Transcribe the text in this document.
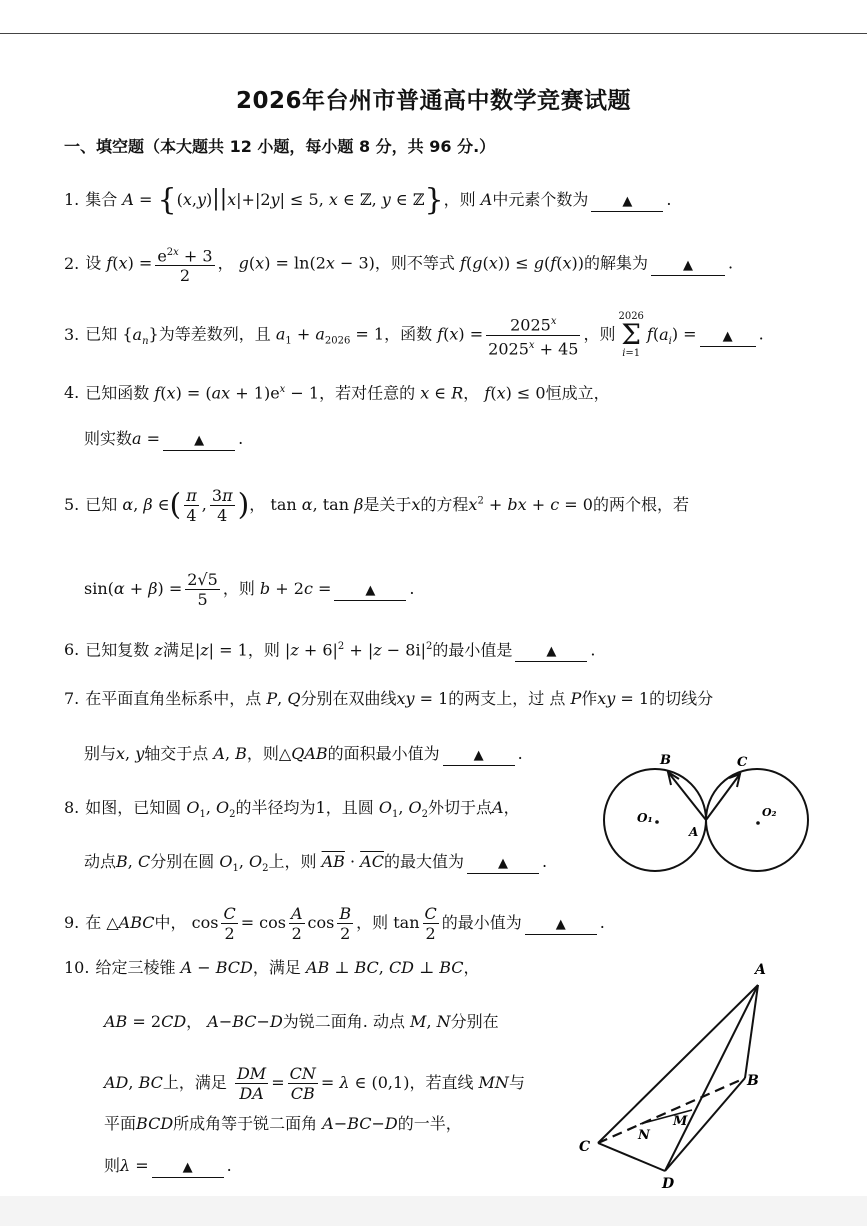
2026年台州市普通高中数学竞赛试题
一、填空题（本大题共 12 小题，每小题 8 分，共 96 分.）
1. 集合 A = {(x,y)||x|+|2y| ≤ 5, x ∈ ℤ, y ∈ ℤ}，则 A中元素个数为	▲ .
2. 设 $f(x) = \frac{e^{2x} + 3}{2}$ ， g(x) = ln(2x − 3)，则不等式 f(g(x)) ≤ g(f(x))的解集为	▲ .
3. 已知 $\{a_n\}$为等差数列，且 $a_1 + a_{2026} = 1$，函数 $f(x) = \frac{2025^x}{2025^x + 45}$ ，则
2026
Σ
i=1
$f(a_i)$ = ▲ .
4. 已知函数 $f(x) = (ax + 1)e^x - 1$，若对任意的 x ∈ R， f(x) ≤ 0恒成立，
则实数a =	▲ .
5. 已知 α, β ∈( $\frac{\pi}{4}$ , $\frac{3\pi}{4}$ )， tan α, tan β是关于x的方程$x^2$ + bx + c = 0的两个根，若
$\sin(\alpha + \beta) = \frac{2√5}{5}$ ，则 b + 2c =	▲ .
6. 已知复数 z满足|z| = 1，则 $|z + 6|^2 + |z - 8i|^2$的最小值是	▲ .
7. 在平面直角坐标系中，点 P, Q分别在双曲线xy = 1的两支上，过 点 P作xy = 1的切线分
别与x, y轴交于点 A, B，则△QAB的面积最小值为	▲ .
8. 如图，已知圆 $O_1$, $O_2$的半径均为1，且圆 $O_1$, $O_2$外切于点A，
动点B, C分别在圆 $O_1$, $O_2$上，则 $\overline{AB} \cdot \overline{AC}$的最大值为	▲ .
B	C
O₁
A
O₂
9. 在 △ABC中， $\cos \frac{C}{2} = \cos \frac{A}{2}$ $\cos \frac{B}{2}$ ，则 $\tan \frac{C}{2}$ 的最小值为	▲ .
10. 给定三棱锥 A − BCD，满足 AB ⊥ BC, CD ⊥ BC，
AB = 2CD， A−BC−D为锐二面角. 动点 M, N分别在
AD, BC上，满足 $\frac{DM}{DA} = \frac{CN}{CB} = \lambda$ ∈ (0,1)，若直线 MN与
平面BCD所成角等于锐二面角 A−BC−D的一半，
则λ =	▲ .
A
B
C
N
M
D
